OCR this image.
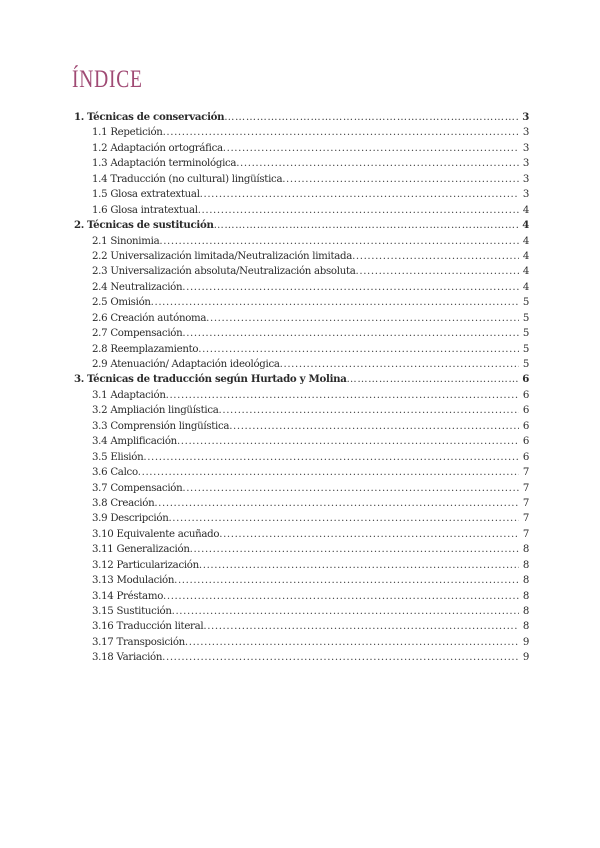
ÍNDICE
1. Técnicas de conservación …………………………………………………………………………………………………………………………………………………………………	3
1.1 Repetición .....	3
1.2 Adaptación ortográfica .....	3
1.3 Adaptación terminológica .....	3
1.4 Traducción (no cultural) lingüística .....	3
1.5 Glosa extratextual .....	3
1.6 Glosa intratextual .....	4
2. Técnicas de sustitución …………………………………………………………………………………………………………………………………………………………………	4
2.1 Sinonimia .....	4
2.2 Universalización limitada/Neutralización limitada .....	4
2.3 Universalización absoluta/Neutralización absoluta .....	4
2.4 Neutralización .....	4
2.5 Omisión .....	5
2.6 Creación autónoma .....	5
2.7 Compensación .....	5
2.8 Reemplazamiento .....	5
2.9 Atenuación/ Adaptación ideológica .....	5
3. Técnicas de traducción según Hurtado y Molina …………………………………………………………………………………………………………………………………………………………………	6
3.1 Adaptación .....	6
3.2 Ampliación lingüística .....	6
3.3 Comprensión lingüística .....	6
3.4 Amplificación .....	6
3.5 Elisión .....	6
3.6 Calco .....	7
3.7 Compensación .....	7
3.8 Creación .....	7
3.9 Descripción .....	7
3.10 Equivalente acuñado .....	7
3.11 Generalización .....	8
3.12 Particularización .....	8
3.13 Modulación .....	8
3.14 Préstamo .....	8
3.15 Sustitución .....	8
3.16 Traducción literal .....	8
3.17 Transposición .....	9
3.18 Variación .....	9
